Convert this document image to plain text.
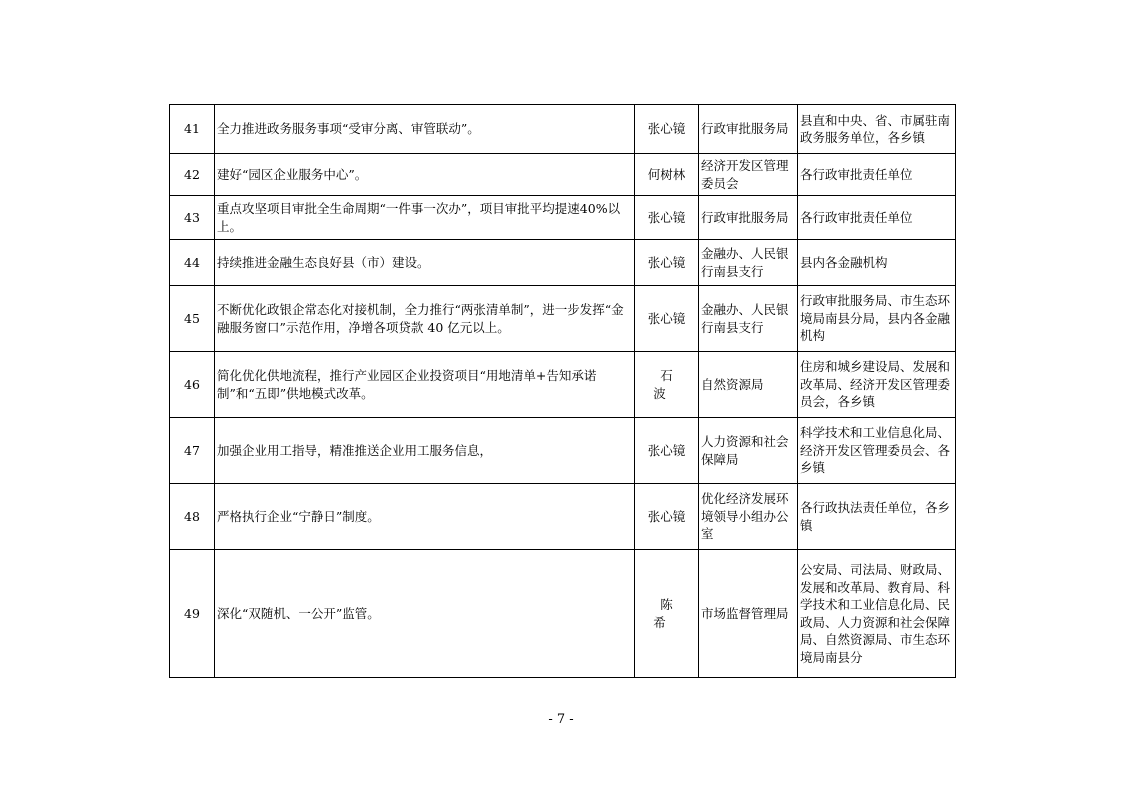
41	全力推进政务服务事项“受审分离、审管联动”。	张心镜	行政审批服务局	县直和中央、省、市属驻南政务服务单位，各乡镇
42	建好“园区企业服务中心”。	何树林	经济开发区管理委员会	各行政审批责任单位
43	重点攻坚项目审批全生命周期“一件事一次办”，项目审批平均提速40%以上。	张心镜	行政审批服务局	各行政审批责任单位
44	持续推进金融生态良好县（市）建设。	张心镜	金融办、人民银行南县支行	县内各金融机构
45	不断优化政银企常态化对接机制，全力推行“两张清单制”，进一步发挥“金融服务窗口”示范作用，净增各项贷款 40 亿元以上。	张心镜	金融办、人民银行南县支行	行政审批服务局、市生态环境局南县分局，县内各金融机构
46	简化优化供地流程，推行产业园区企业投资项目“用地清单+告知承诺制”和“五即”供地模式改革。	石波	自然资源局	住房和城乡建设局、发展和改革局、经济开发区管理委员会，各乡镇
47	加强企业用工指导，精准推送企业用工服务信息，	张心镜	人力资源和社会保障局	科学技术和工业信息化局、经济开发区管理委员会、各乡镇
48	严格执行企业“宁静日”制度。	张心镜	优化经济发展环境领导小组办公室	各行政执法责任单位，各乡镇
49	深化“双随机、一公开”监管。	陈希	市场监督管理局	公安局、司法局、财政局、发展和改革局、教育局、科学技术和工业信息化局、民政局、人力资源和社会保障局、自然资源局、市生态环境局南县分
- 7 -
